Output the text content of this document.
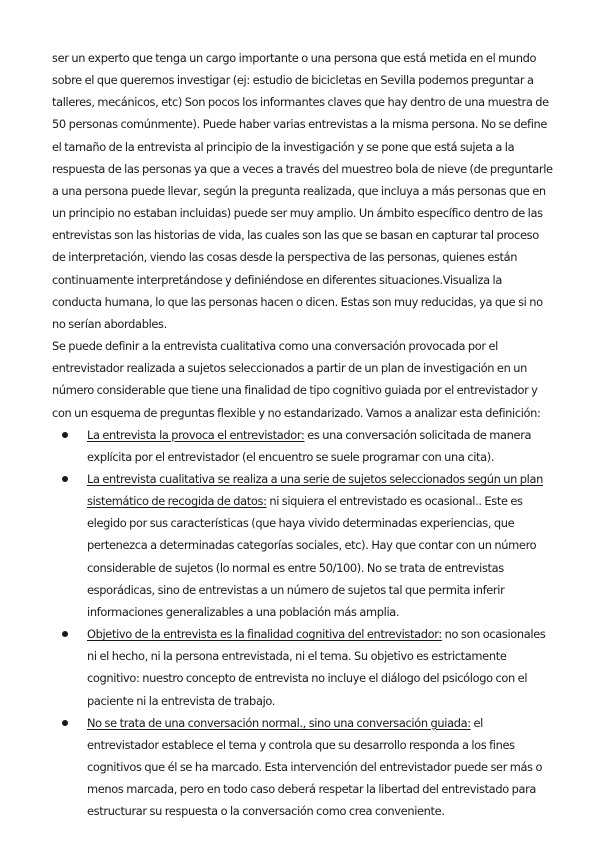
ser un experto que tenga un cargo importante o una persona que está metida en el mundo sobre el que queremos investigar (ej: estudio de bicicletas en Sevilla podemos preguntar a talleres, mecánicos, etc) Son pocos los informantes claves que hay dentro de una muestra de 50 personas comúnmente). Puede haber varias entrevistas a la misma persona. No se define el tamaño de la entrevista al principio de la investigación y se pone que está sujeta a la respuesta de las personas ya que a veces a través del muestreo bola de nieve (de preguntarle a una persona puede llevar, según la pregunta realizada, que incluya a más personas que en un principio no estaban incluidas) puede ser muy amplio. Un ámbito específico dentro de las entrevistas son las historias de vida, las cuales son las que se basan en capturar tal proceso de interpretación, viendo las cosas desde la perspectiva de las personas, quienes están continuamente interpretándose y definiéndose en diferentes situaciones.Visualiza la conducta humana, lo que las personas hacen o dicen. Estas son muy reducidas, ya que si no no serían abordables.

Se puede definir a la entrevista cualitativa como una conversación provocada por el entrevistador realizada a sujetos seleccionados a partir de un plan de investigación en un número considerable que tiene una finalidad de tipo cognitivo guiada por el entrevistador y con un esquema de preguntas flexible y no estandarizado. Vamos a analizar esta definición:

La entrevista la provoca el entrevistador: es una conversación solicitada de manera explícita por el entrevistador (el encuentro se suele programar con una cita).
La entrevista cualitativa se realiza a una serie de sujetos seleccionados según un plan sistemático de recogida de datos: ni siquiera el entrevistado es ocasional.. Este es elegido por sus características (que haya vivido determinadas experiencias, que pertenezca a determinadas categorías sociales, etc). Hay que contar con un número considerable de sujetos (lo normal es entre 50/100). No se trata de entrevistas esporádicas, sino de entrevistas a un número de sujetos tal que permita inferir informaciones generalizables a una población más amplia.
Objetivo de la entrevista es la finalidad cognitiva del entrevistador: no son ocasionales ni el hecho, ni la persona entrevistada, ni el tema. Su objetivo es estrictamente cognitivo: nuestro concepto de entrevista no incluye el diálogo del psicólogo con el paciente ni la entrevista de trabajo.
No se trata de una conversación normal., sino una conversación guiada: el entrevistador establece el tema y controla que su desarrollo responda a los fines cognitivos que él se ha marcado. Esta intervención del entrevistador puede ser más o menos marcada, pero en todo caso deberá respetar la libertad del entrevistado para estructurar su respuesta o la conversación como crea conveniente.
